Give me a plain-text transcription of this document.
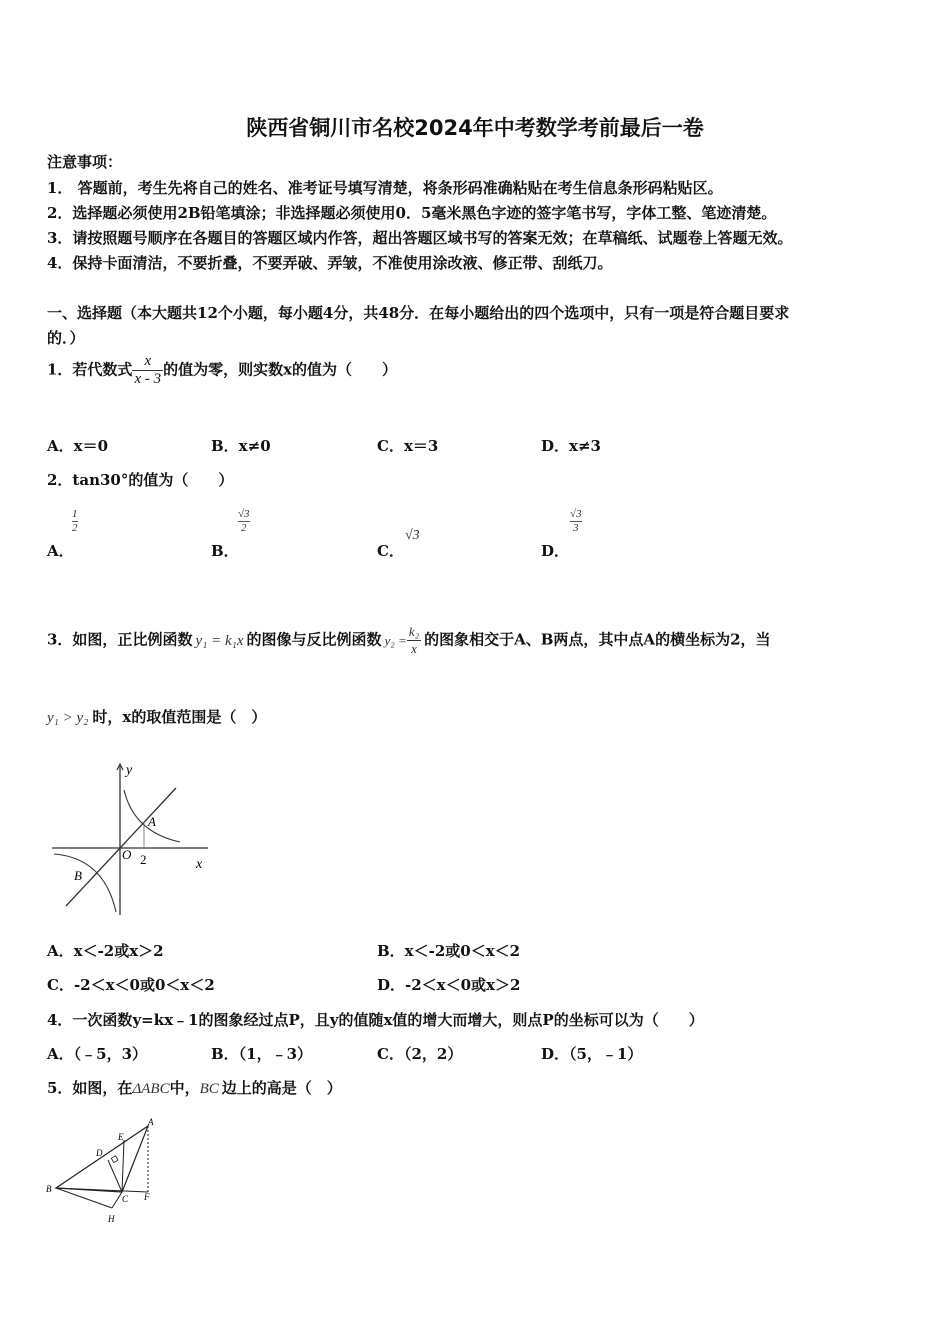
陕西省铜川市名校2024年中考数学考前最后一卷
注意事项：
1． 答题前，考生先将自己的姓名、准考证号填写清楚，将条形码准确粘贴在考生信息条形码粘贴区。
2．选择题必须使用2B铅笔填涂；非选择题必须使用0．5毫米黑色字迹的签字笔书写，字体工整、笔迹清楚。
3．请按照题号顺序在各题目的答题区域内作答，超出答题区域书写的答案无效；在草稿纸、试题卷上答题无效。
4．保持卡面清洁，不要折叠，不要弄破、弄皱，不准使用涂改液、修正带、刮纸刀。
一、选择题（本大题共12个小题，每小题4分，共48分．在每小题给出的四个选项中，只有一项是符合题目要求
的．）
1．若代数式 $\frac{x}{x - 3}$ 的值为零，则实数x的值为（　　）
A．x＝0	B．x≠0	C．x＝3	D．x≠3
2．tan30°的值为（　　）
A．
$\frac{1}{2}$
B．
$\frac{√3}{2}$
C．
√3
D．
$\frac{√3}{3}$
3．如图，正比例函数 y₁ = k₁x 的图像与反比例函数 $y_2 = \frac{\text{k₂}}{x}$ 的图象相交于A、B两点，其中点A的横坐标为2，当
y₁ > y₂ 时，x的取值范围是（　）
y
x
A
B
O 2
A．x＜-2或x＞2	B．x＜-2或0＜x＜2
C．-2＜x＜0或0＜x＜2	D．-2＜x＜0或x＞2
4．一次函数y=kx﹣1的图象经过点P，且y的值随x值的增大而增大，则点P的坐标可以为（　　）
A．（﹣5，3）	B．（1，﹣3）	C．（2，2）	D．（5，﹣1）
5．如图，在ΔABC中，BC 边上的高是（　）
A
B
C
D
E
F
H
